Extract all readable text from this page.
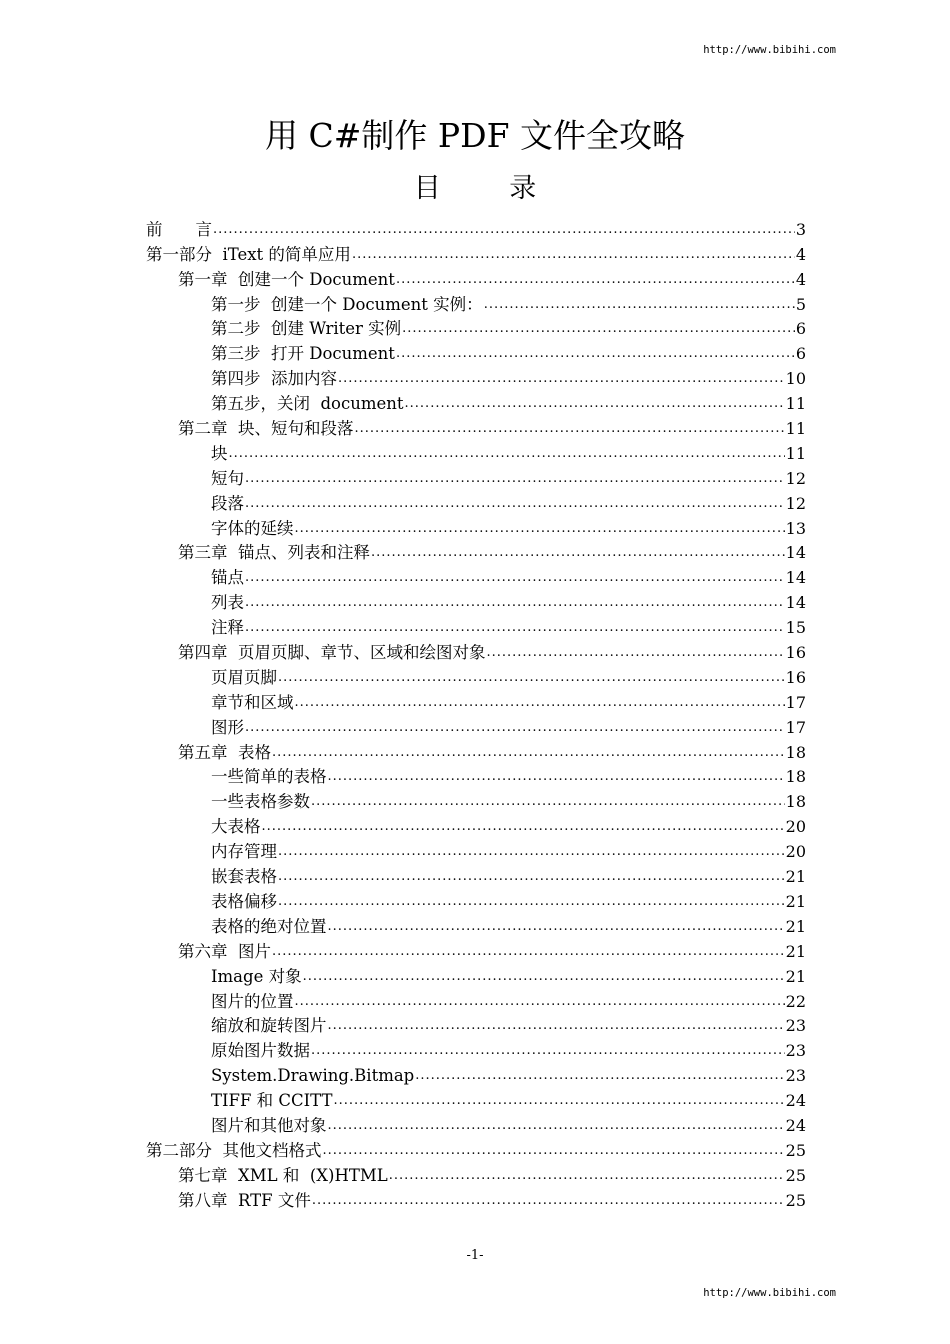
http://www.bibihi.com
用 C#制作 PDF 文件全攻略
目 录
前　　言 .....	3
第一部分  iText 的简单应用 .....	4
第一章  创建一个 Document .....	4
第一步  创建一个 Document 实例： .....	5
第二步  创建 Writer 实例 .....	6
第三步  打开 Document .....	6
第四步  添加内容 .....	10
第五步，关闭  document .....	11
第二章  块、短句和段落 .....	11
块 .....	11
短句 .....	12
段落 .....	12
字体的延续 .....	13
第三章  锚点、列表和注释 .....	14
锚点 .....	14
列表 .....	14
注释 .....	15
第四章  页眉页脚、章节、区域和绘图对象 .....	16
页眉页脚 .....	16
章节和区域 .....	17
图形 .....	17
第五章  表格 .....	18
一些简单的表格 .....	18
一些表格参数 .....	18
大表格 .....	20
内存管理 .....	20
嵌套表格 .....	21
表格偏移 .....	21
表格的绝对位置 .....	21
第六章  图片 .....	21
Image 对象 .....	21
图片的位置 .....	22
缩放和旋转图片 .....	23
原始图片数据 .....	23
System.Drawing.Bitmap .....	23
TIFF 和 CCITT .....	24
图片和其他对象 .....	24
第二部分  其他文档格式 .....	25
第七章  XML 和  (X)HTML .....	25
第八章  RTF 文件 .....	25
-1-
http://www.bibihi.com
